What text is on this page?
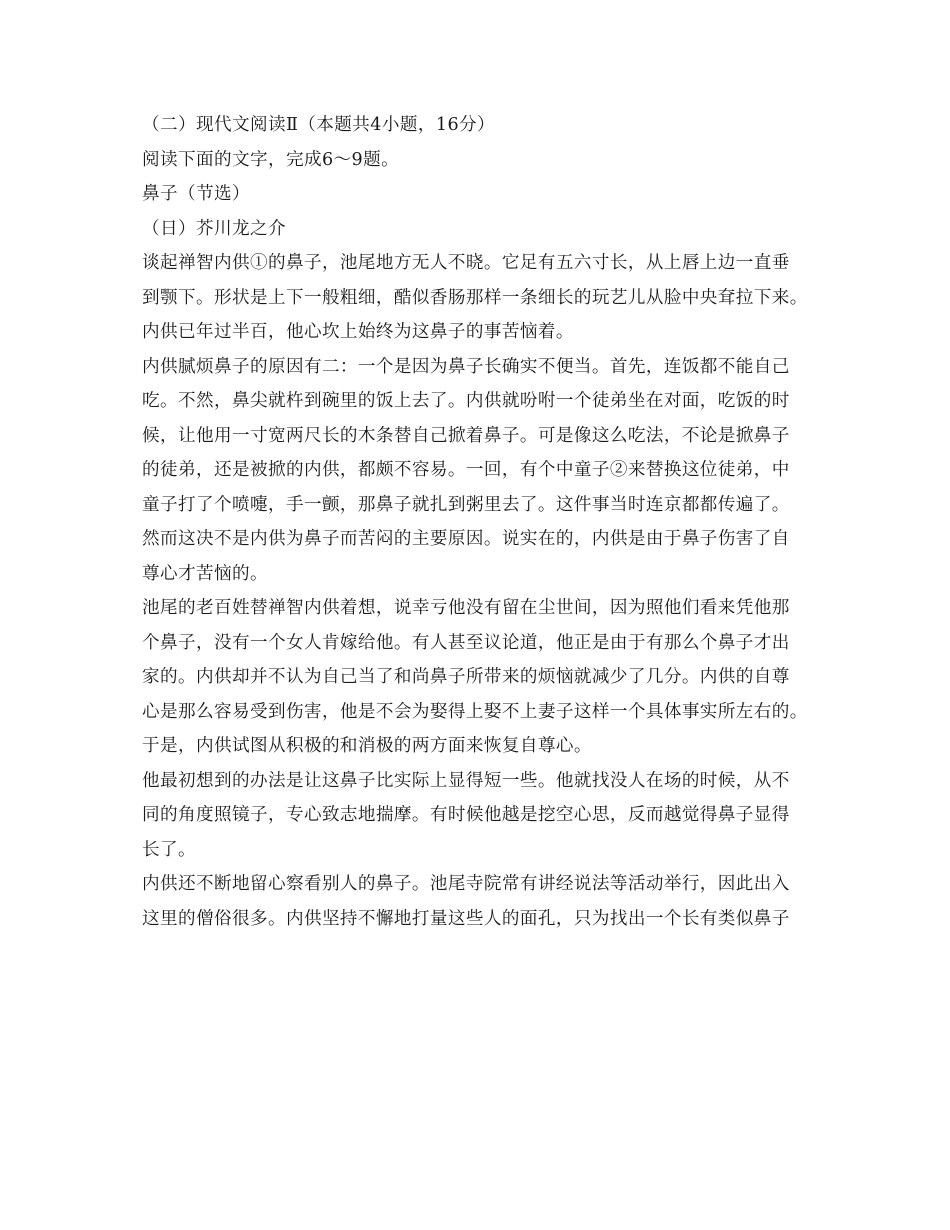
（二）现代文阅读Ⅱ（本题共4小题，16分）
阅读下面的文字，完成6～9题。
鼻子（节选）
（日）芥川龙之介
谈起禅智内供①的鼻子，池尾地方无人不晓。它足有五六寸长，从上唇上边一直垂
到颚下。形状是上下一般粗细，酷似香肠那样一条细长的玩艺儿从脸中央耷拉下来。
内供已年过半百，他心坎上始终为这鼻子的事苦恼着。
内供腻烦鼻子的原因有二：一个是因为鼻子长确实不便当。首先，连饭都不能自己
吃。不然，鼻尖就杵到碗里的饭上去了。内供就吩咐一个徒弟坐在对面，吃饭的时
候，让他用一寸宽两尺长的木条替自己掀着鼻子。可是像这么吃法，不论是掀鼻子
的徒弟，还是被掀的内供，都颇不容易。一回，有个中童子②来替换这位徒弟，中
童子打了个喷嚏，手一颤，那鼻子就扎到粥里去了。这件事当时连京都都传遍了。
然而这决不是内供为鼻子而苦闷的主要原因。说实在的，内供是由于鼻子伤害了自
尊心才苦恼的。
池尾的老百姓替禅智内供着想，说幸亏他没有留在尘世间，因为照他们看来凭他那
个鼻子，没有一个女人肯嫁给他。有人甚至议论道，他正是由于有那么个鼻子才出
家的。内供却并不认为自己当了和尚鼻子所带来的烦恼就减少了几分。内供的自尊
心是那么容易受到伤害，他是不会为娶得上娶不上妻子这样一个具体事实所左右的。
于是，内供试图从积极的和消极的两方面来恢复自尊心。
他最初想到的办法是让这鼻子比实际上显得短一些。他就找没人在场的时候，从不
同的角度照镜子，专心致志地揣摩。有时候他越是挖空心思，反而越觉得鼻子显得
长了。
内供还不断地留心察看别人的鼻子。池尾寺院常有讲经说法等活动举行，因此出入
这里的僧俗很多。内供坚持不懈地打量这些人的面孔，只为找出一个长有类似鼻子
